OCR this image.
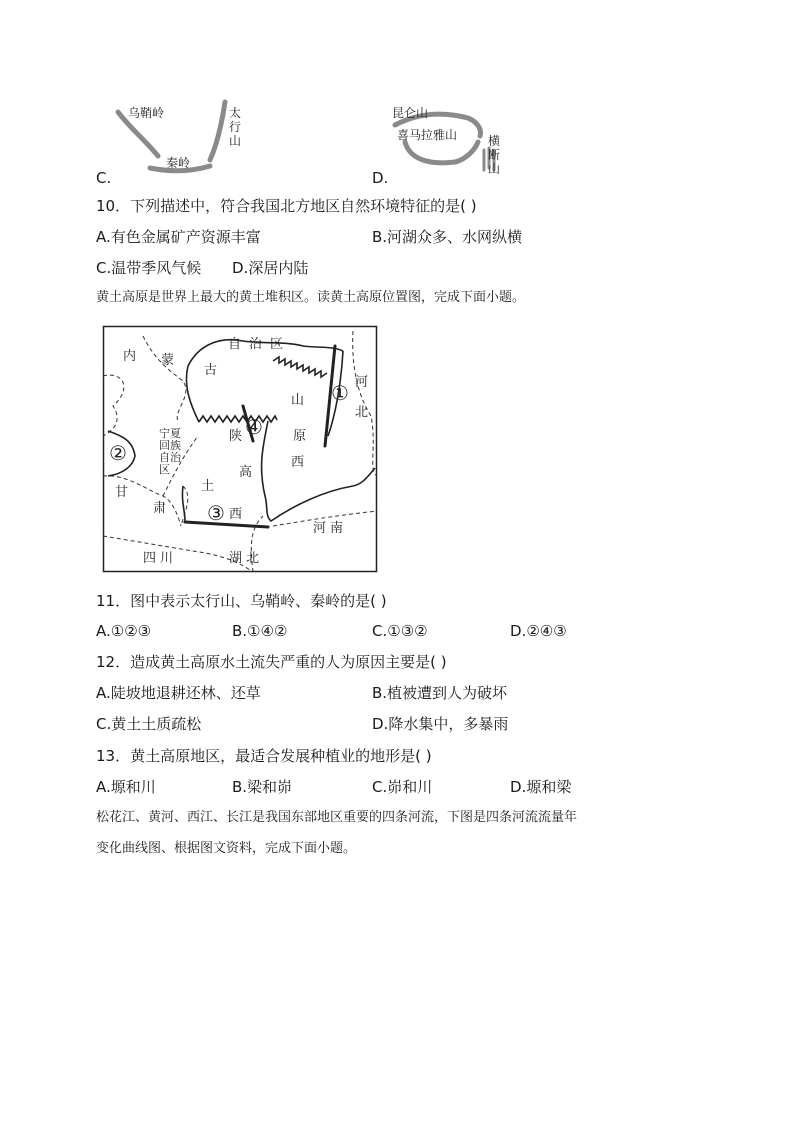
乌鞘岭	太行山
秦岭
C.
昆仑山
喜马拉雅山	横断山
D.
10．下列描述中，符合我国北方地区自然环境特征的是( )
A.有色金属矿产资源丰富	B.河湖众多、水网纵横
C.温带季风气候 D.深居内陆
黄土高原是世界上最大的黄土堆积区。读黄土高原位置图，完成下面小题。
内 蒙
古
自治区
河
北
山
原
西
陕
高
土
西
宁夏回族自治区
甘
肃
四川	湖北
河南
①
②
③
④
11．图中表示太行山、乌鞘岭、秦岭的是( )
A.①②③	B.①④②	C.①③②	D.②④③
12．造成黄土高原水土流失严重的人为原因主要是( )
A.陡坡地退耕还林、还草	B.植被遭到人为破坏
C.黄土土质疏松	D.降水集中，多暴雨
13．黄土高原地区，最适合发展种植业的地形是( )
A.塬和川	B.梁和峁	C.峁和川	D.塬和梁
松花江、黄河、西江、长江是我国东部地区重要的四条河流，下图是四条河流流量年
变化曲线图、根据图文资料，完成下面小题。
